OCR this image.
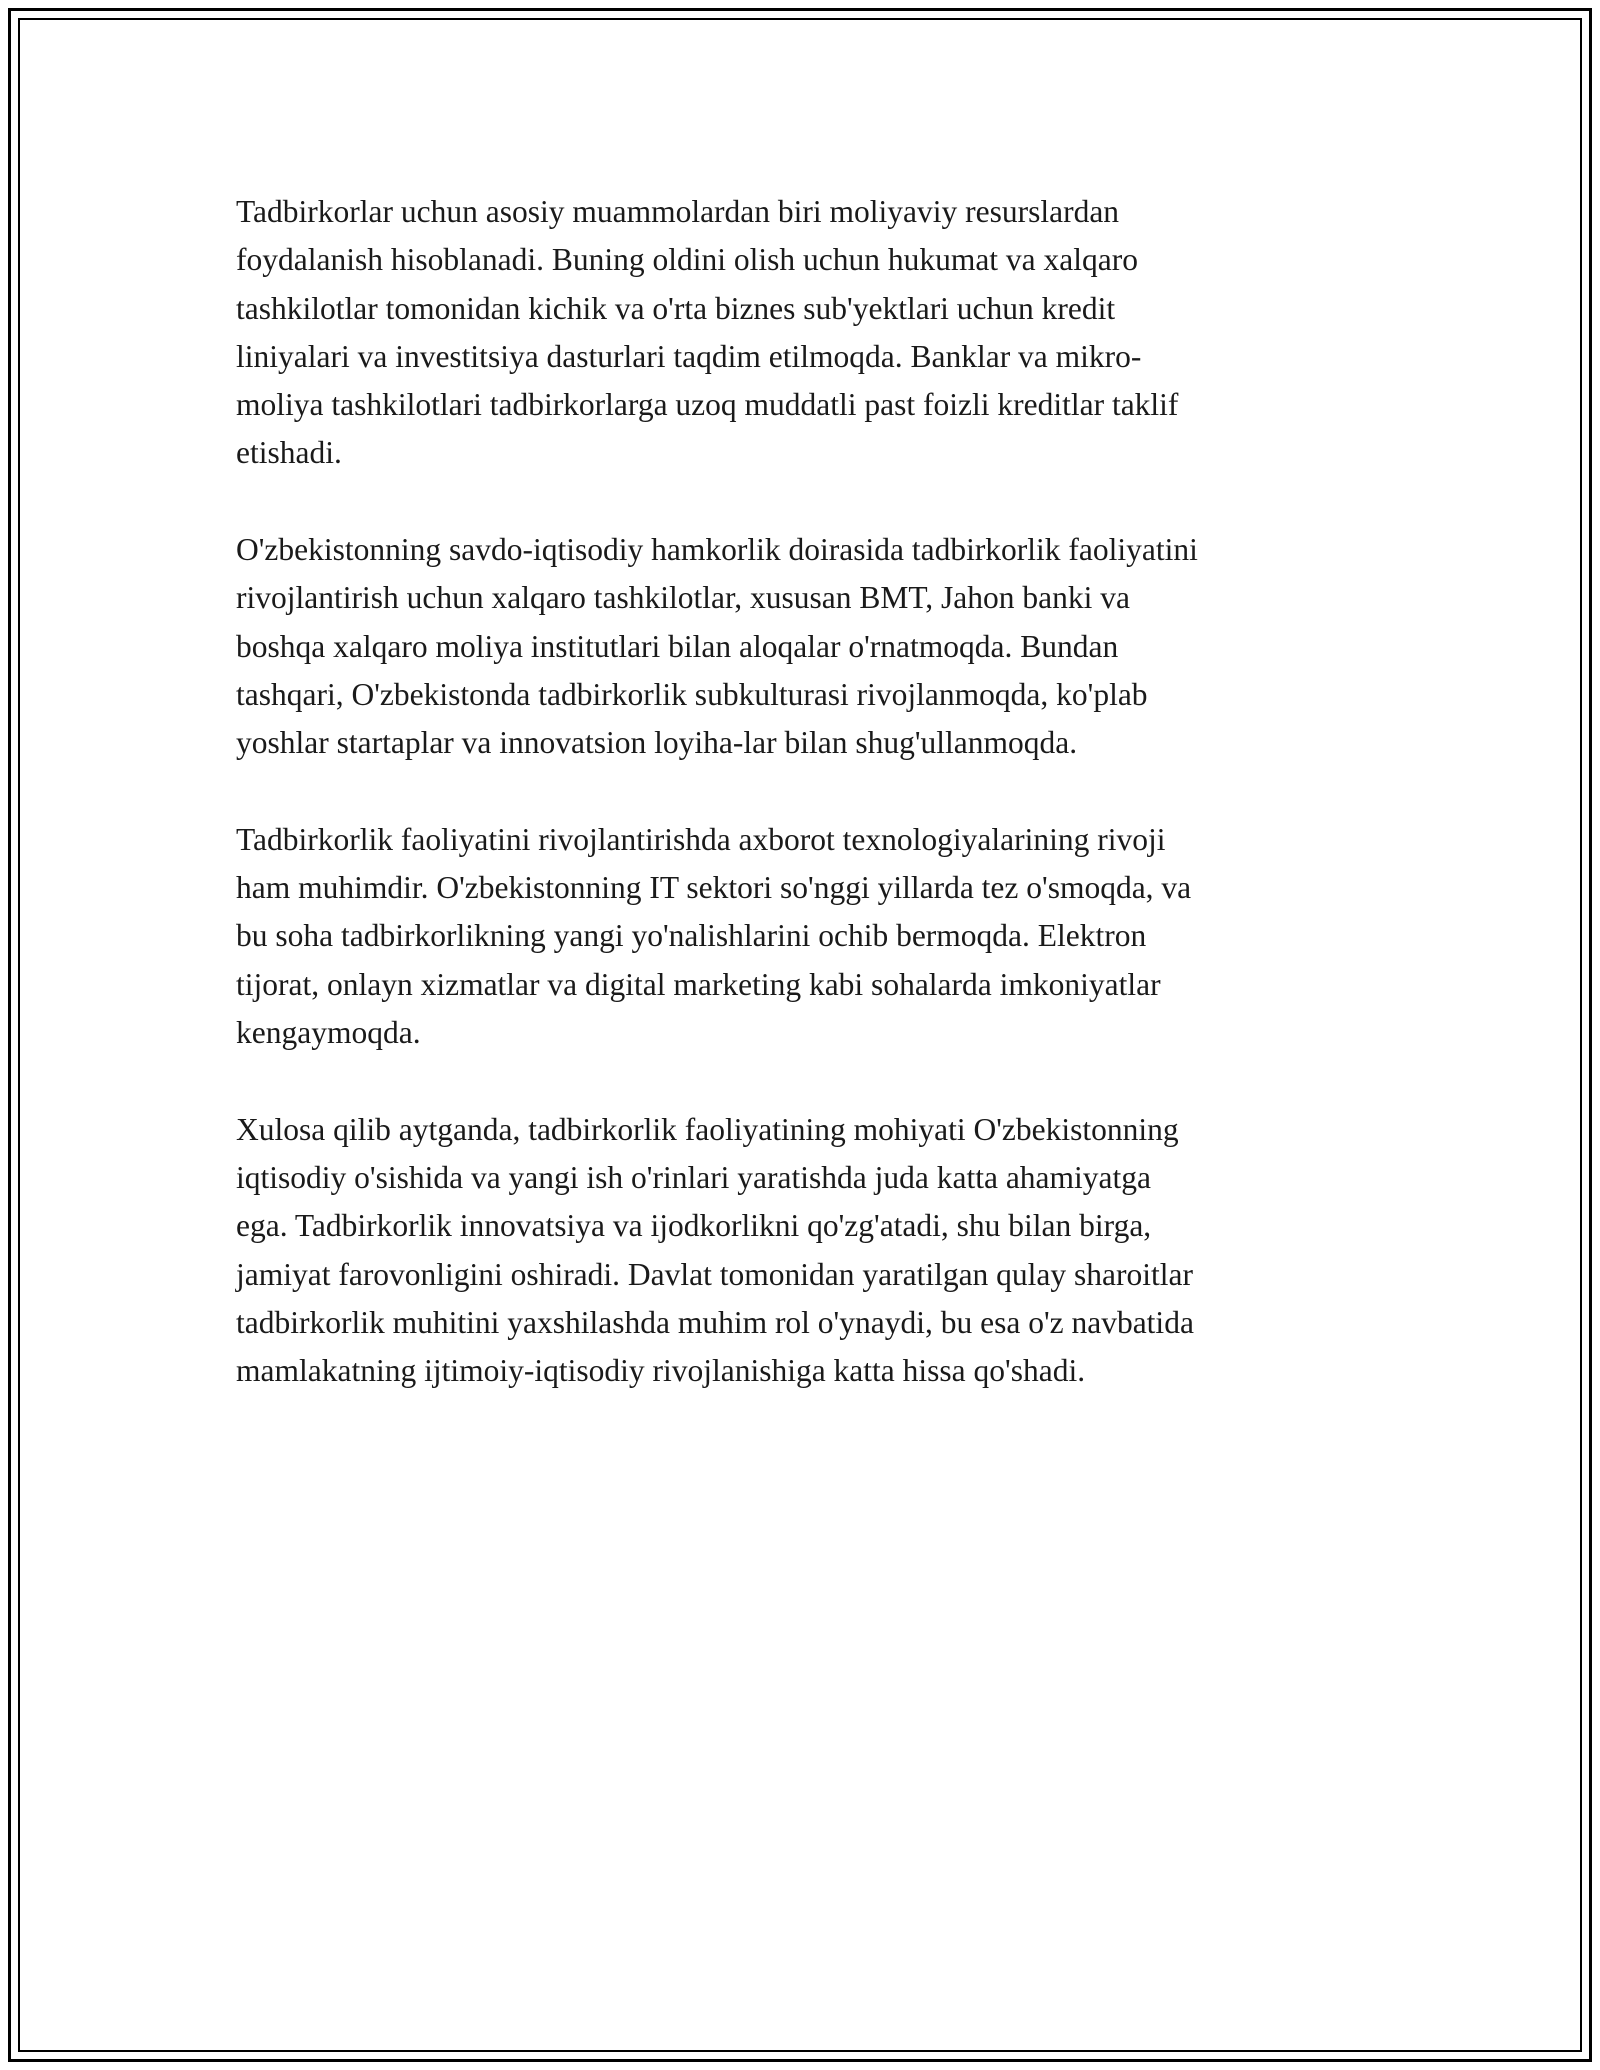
Tadbirkorlar uchun asosiy muammolardan biri moliyaviy resurslardan
foydalanish hisoblanadi. Buning oldini olish uchun hukumat va xalqaro
tashkilotlar tomonidan kichik va o'rta biznes sub'yektlari uchun kredit
liniyalari va investitsiya dasturlari taqdim etilmoqda. Banklar va mikro-
moliya tashkilotlari tadbirkorlarga uzoq muddatli past foizli kreditlar taklif
etishadi.

O'zbekistonning savdo-iqtisodiy hamkorlik doirasida tadbirkorlik faoliyatini
rivojlantirish uchun xalqaro tashkilotlar, xususan BMT, Jahon banki va
boshqa xalqaro moliya institutlari bilan aloqalar o'rnatmoqda. Bundan
tashqari, O'zbekistonda tadbirkorlik subkulturasi rivojlanmoqda, ko'plab
yoshlar startaplar va innovatsion loyiha-lar bilan shug'ullanmoqda.

Tadbirkorlik faoliyatini rivojlantirishda axborot texnologiyalarining rivoji
ham muhimdir. O'zbekistonning IT sektori so'nggi yillarda tez o'smoqda, va
bu soha tadbirkorlikning yangi yo'nalishlarini ochib bermoqda. Elektron
tijorat, onlayn xizmatlar va digital marketing kabi sohalarda imkoniyatlar
kengaymoqda.

Xulosa qilib aytganda, tadbirkorlik faoliyatining mohiyati O'zbekistonning
iqtisodiy o'sishida va yangi ish o'rinlari yaratishda juda katta ahamiyatga
ega. Tadbirkorlik innovatsiya va ijodkorlikni qo'zg'atadi, shu bilan birga,
jamiyat farovonligini oshiradi. Davlat tomonidan yaratilgan qulay sharoitlar
tadbirkorlik muhitini yaxshilashda muhim rol o'ynaydi, bu esa o'z navbatida
mamlakatning ijtimoiy-iqtisodiy rivojlanishiga katta hissa qo'shadi.
